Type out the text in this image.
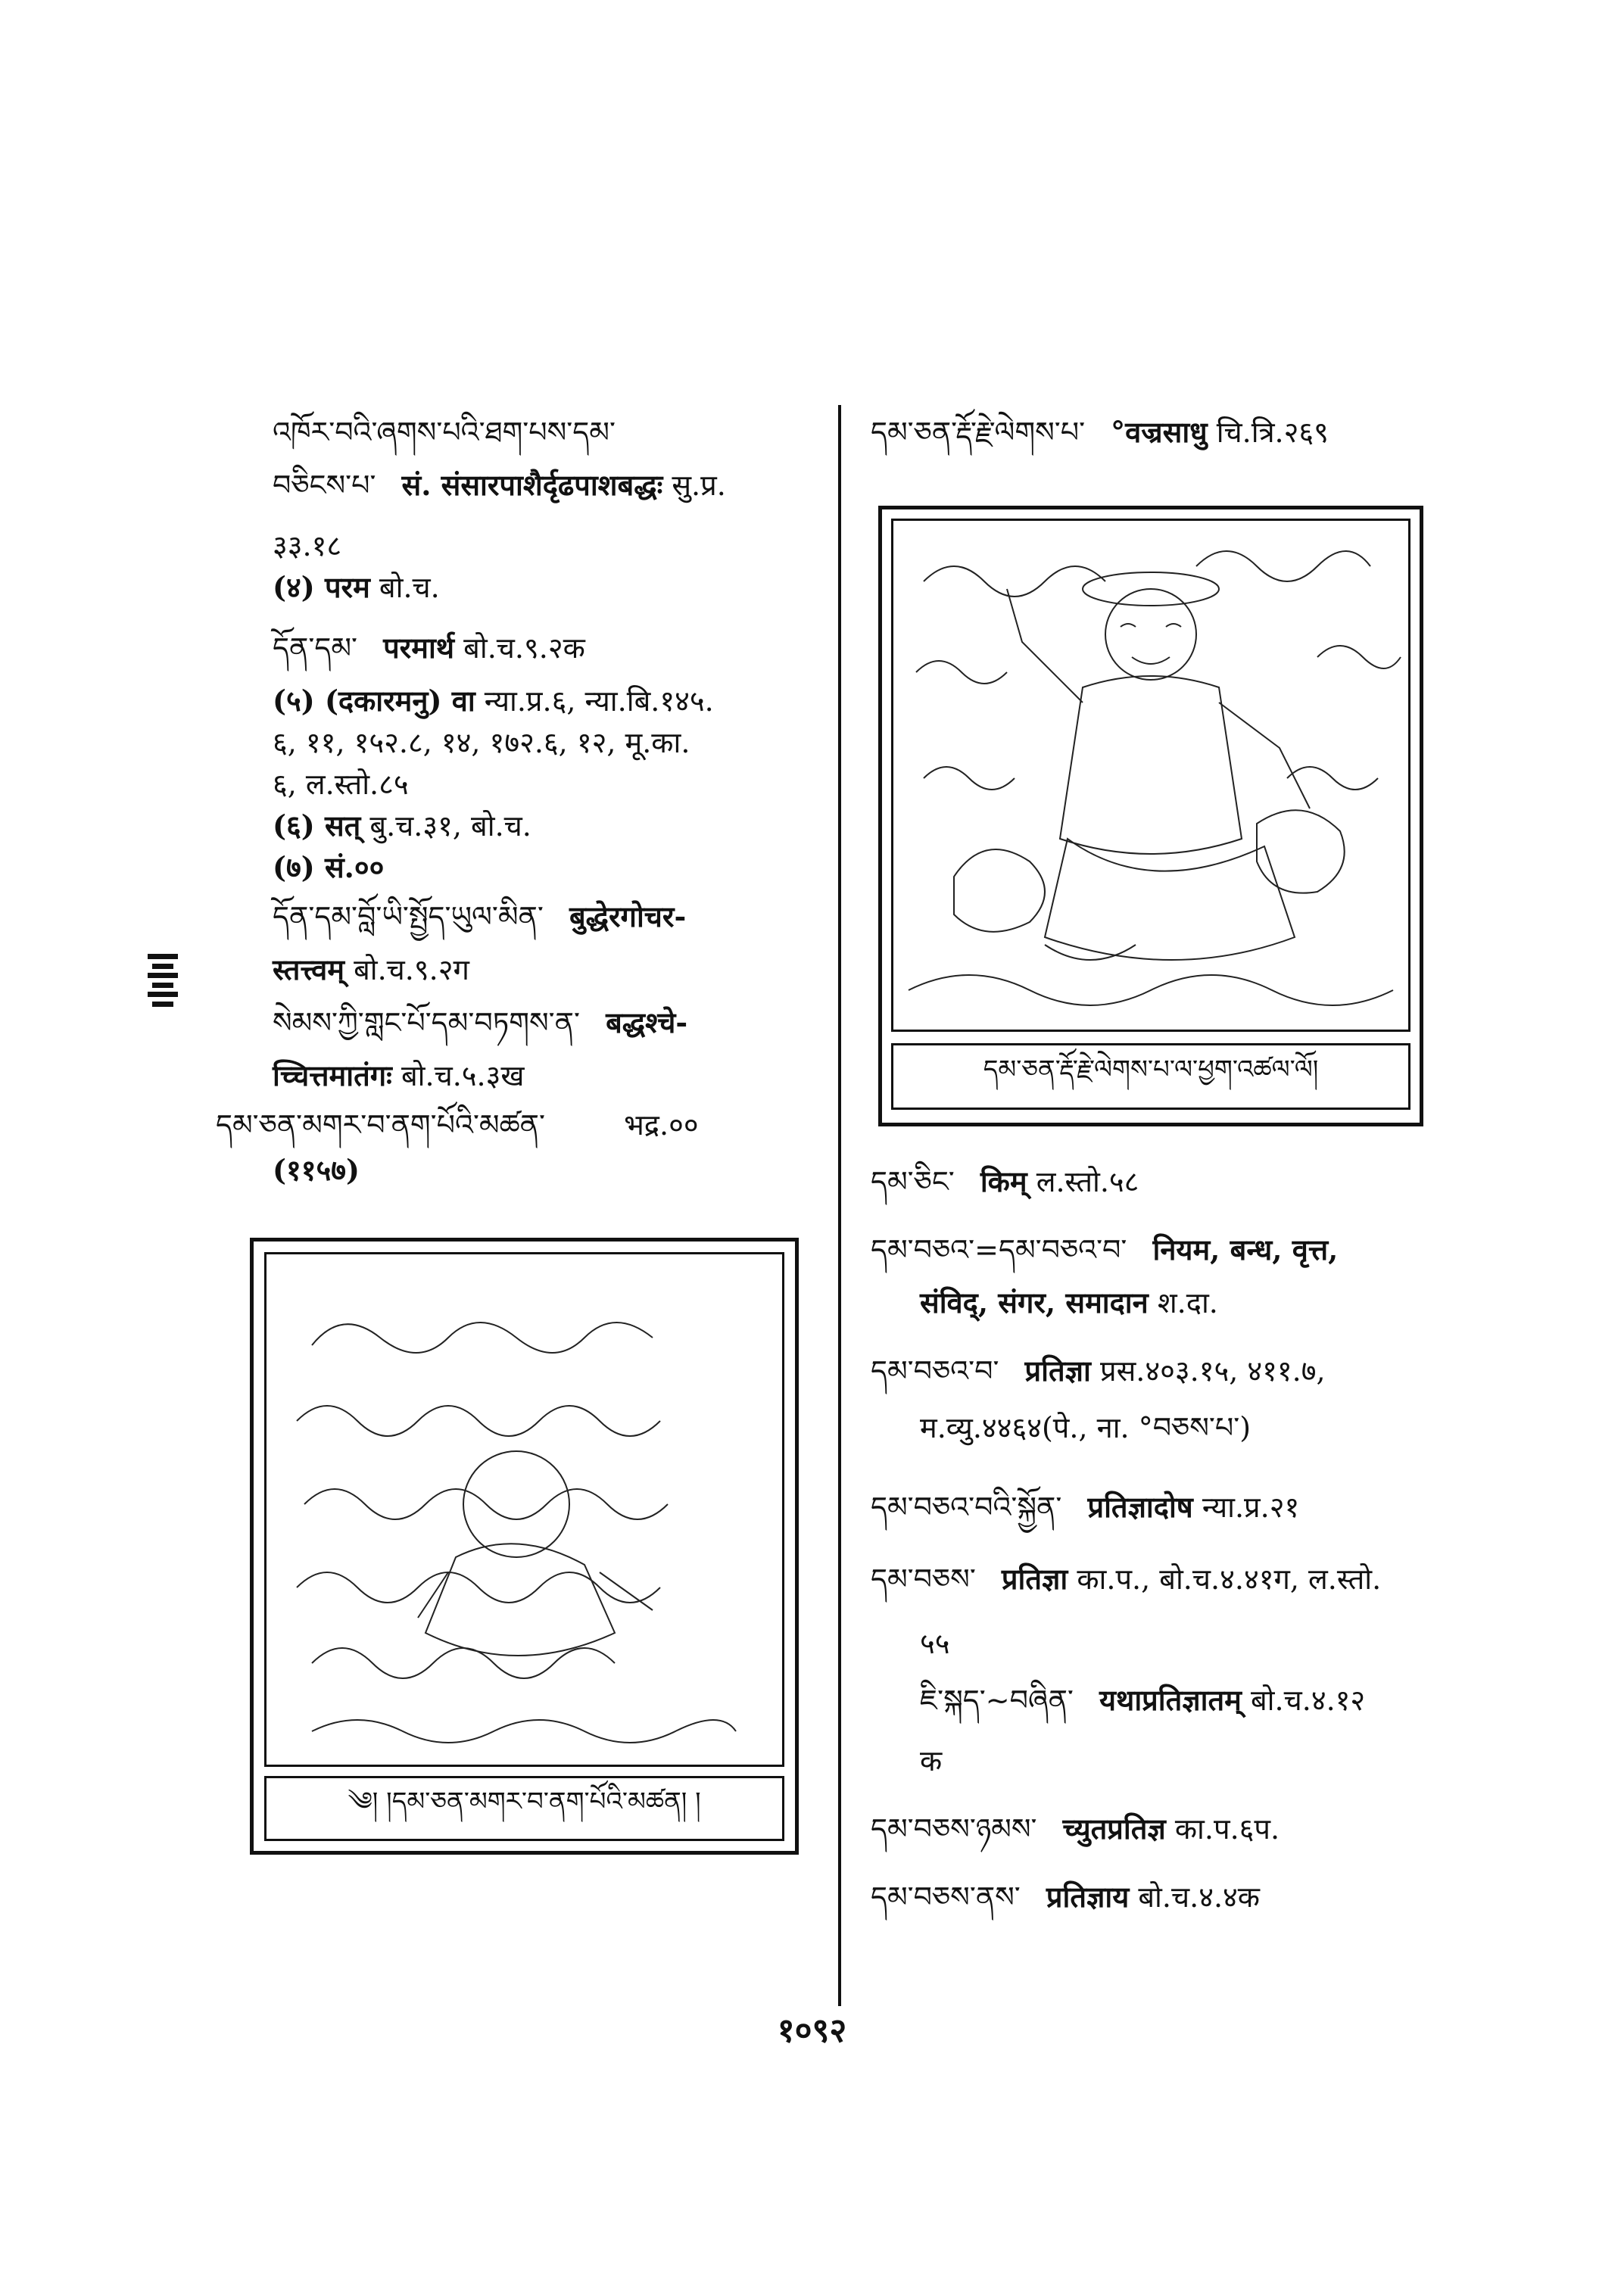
འཁོར་བའི་ཞགས་པའི་ཐག་པས་དམ་
བཅིངས་པ་ सं. संसारपाशैर्दृढपाशबद्धः सु.प्र.
३३.१८
(४) परम बो.च.
དོན་དམ་ परमार्थ बो.च.९.२क
(५) (दकारमनु) वा न्या.प्र.६, न्या.बि.१४५.
६, ११, १५२.८, १४, १७२.६, १२, मू.का.
६, ल.स्तो.८५
(६) सत् बु.च.३१, बो.च.
(७) सं.००
དོན་དམ་བློ་ཡི་སྤྱོད་ཡུལ་མིན་ बुद्धेरगोचर-
स्तत्त्वम् बो.च.९.२ग
སེམས་ཀྱི་གླང་པོ་དམ་བཏགས་ན་ बद्धश्चे-
च्चित्तमातंगः बो.च.५.३ख
དམ་ཅན་མགར་བ་ནག་པོའི་མཚན་	भद्र.००
(११५७)
དམ་ཅན་རྡོ་རྗེ་ལེགས་པ་ °वज्रसाधु चि.त्रि.२६९
དམ་ཅན་རྡོ་རྗེ་ལེགས་པ་ལ་ཕྱག་འཚལ་ལོ།
དམ་ཅིང་ किम् ल.स्तो.५८
དམ་བཅའ་=དམ་བཅའ་བ་ नियम, बन्ध, वृत्त,
संविद्, संगर, समादान श.दा.
དམ་བཅའ་བ་ प्रतिज्ञा प्रस.४०३.१५, ४११.७,
म.व्यु.४४६४(पे., ना. °བཅས་པ་)
དམ་བཅའ་བའི་སྐྱོན་ प्रतिज्ञादोष न्या.प्र.२१
དམ་བཅས་ प्रतिज्ञा का.प., बो.च.४.४१ग, ल.स्तो.
५५
ཇི་སྐད་~བཞིན་ यथाप्रतिज्ञातम् बो.च.४.१२
क
དམ་བཅས་ཉམས་ च्युतप्रतिज्ञ का.प.६प.
དམ་བཅས་ནས་ प्रतिज्ञाय बो.च.४.४क
༄། །དམ་ཅན་མགར་བ་ནག་པོའི་མཚན། །
१०९२
